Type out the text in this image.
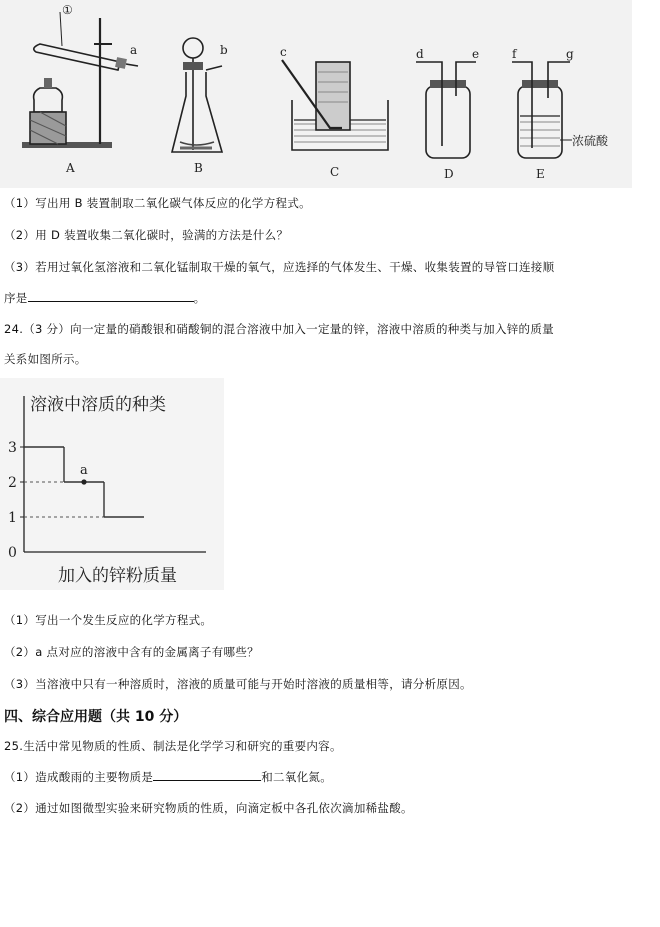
①
a	b	c	d	e	f	g
浓硫酸
A	B	C	D	E
（1）写出用 B 装置制取二氧化碳气体反应的化学方程式。
（2）用 D 装置收集二氧化碳时，验满的方法是什么？
（3）若用过氧化氢溶液和二氧化锰制取干燥的氧气，应选择的气体发生、干燥、收集装置的导管口连接顺
序是	。
24.（3 分）向一定量的硝酸银和硝酸铜的混合溶液中加入一定量的锌，溶液中溶质的种类与加入锌的质量
关系如图所示。
溶液中溶质的种类
加入的锌粉质量
0
1
2
3
a
（1）写出一个发生反应的化学方程式。
（2）a 点对应的溶液中含有的金属离子有哪些？
（3）当溶液中只有一种溶质时，溶液的质量可能与开始时溶液的质量相等，请分析原因。
四、综合应用题（共 10 分）
25.生活中常见物质的性质、制法是化学学习和研究的重要内容。
（1）造成酸雨的主要物质是	和二氧化氮。
（2）通过如图微型实验来研究物质的性质，向滴定板中各孔依次滴加稀盐酸。
